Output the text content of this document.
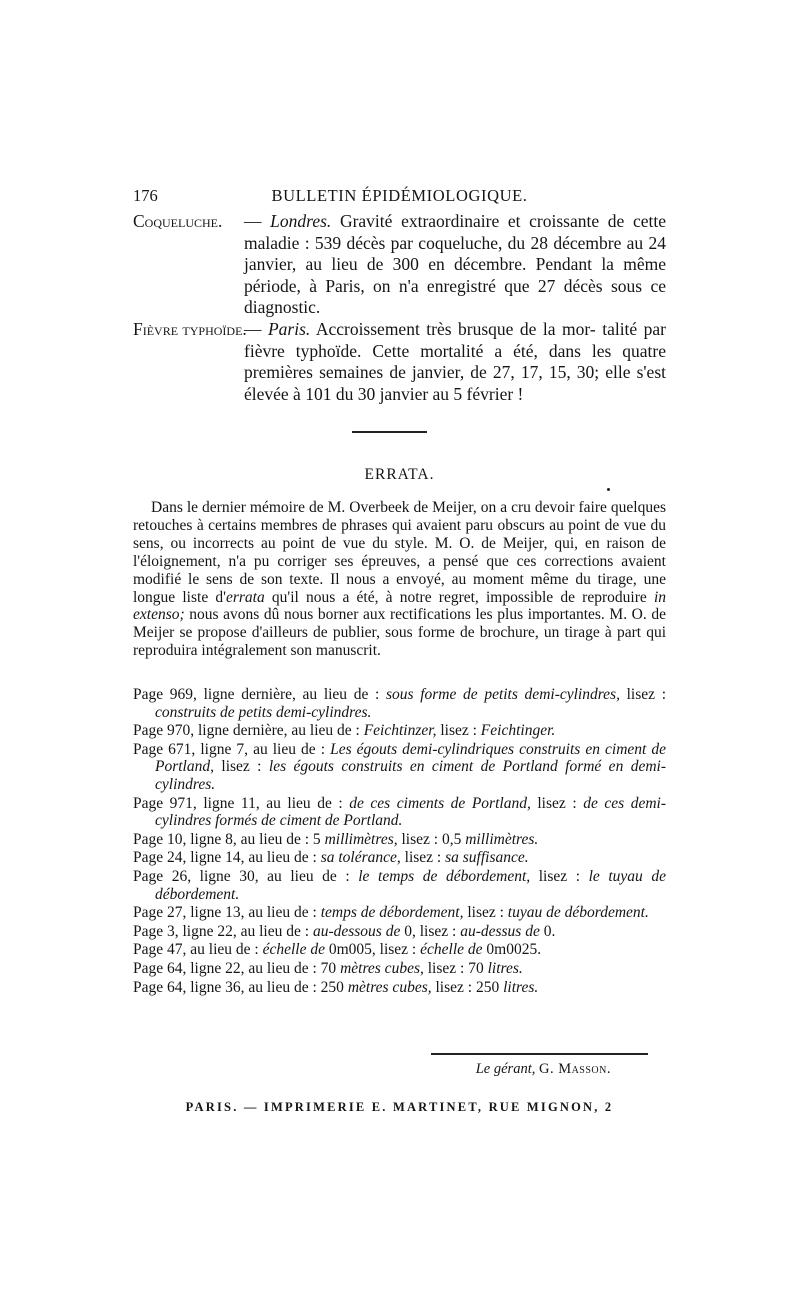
176	BULLETIN ÉPIDÉMIOLOGIQUE.
Coqueluche. — Londres. Gravité extraordinaire et croissante de cette maladie : 539 décès par coqueluche, du 28 décembre au 24 janvier, au lieu de 300 en décembre. Pendant la même période, à Paris, on n'a enregistré que 27 décès sous ce diagnostic.
Fièvre typhoïde.
— Paris. Accroissement très brusque de la mor- talité par fièvre typhoïde. Cette mortalité a été, dans les quatre premières semaines de janvier, de 27, 17, 15, 30; elle s'est élevée à 101 du 30 janvier au 5 février !
ERRATA.

Dans le dernier mémoire de M. Overbeek de Meijer, on a cru devoir faire quelques retouches à certains membres de phrases qui avaient paru obscurs au point de vue du sens, ou incorrects au point de vue du style. M. O. de Meijer, qui, en raison de l'éloignement, n'a pu corriger ses épreuves, a pensé que ces corrections avaient modifié le sens de son texte. Il nous a envoyé, au moment même du tirage, une longue liste d'errata qu'il nous a été, à notre regret, impossible de reproduire in extenso; nous avons dû nous borner aux rectifications les plus importantes. M. O. de Meijer se propose d'ailleurs de publier, sous forme de brochure, un tirage à part qui reproduira intégralement son manuscrit.

Page 969, ligne dernière, au lieu de : sous forme de petits demi-cylindres, lisez : construits de petits demi-cylindres.
Page 970, ligne dernière, au lieu de : Feichtinzer, lisez : Feichtinger.
Page 671, ligne 7, au lieu de : Les égouts demi-cylindriques construits en ciment de Portland, lisez : les égouts construits en ciment de Portland formé en demi-cylindres.
Page 971, ligne 11, au lieu de : de ces ciments de Portland, lisez : de ces demi-cylindres formés de ciment de Portland.
Page 10, ligne 8, au lieu de : 5 millimètres, lisez : 0,5 millimètres.
Page 24, ligne 14, au lieu de : sa tolérance, lisez : sa suffisance.
Page 26, ligne 30, au lieu de : le temps de débordement, lisez : le tuyau de débordement.
Page 27, ligne 13, au lieu de : temps de débordement, lisez : tuyau de débordement.
Page 3, ligne 22, au lieu de : au-dessous de 0, lisez : au-dessus de 0.
Page 47, au lieu de : échelle de 0m005, lisez : échelle de 0m0025.
Page 64, ligne 22, au lieu de : 70 mètres cubes, lisez : 70 litres.
Page 64, ligne 36, au lieu de : 250 mètres cubes, lisez : 250 litres.
Le gérant, G. Masson.
PARIS. — IMPRIMERIE E. MARTINET, RUE MIGNON, 2
